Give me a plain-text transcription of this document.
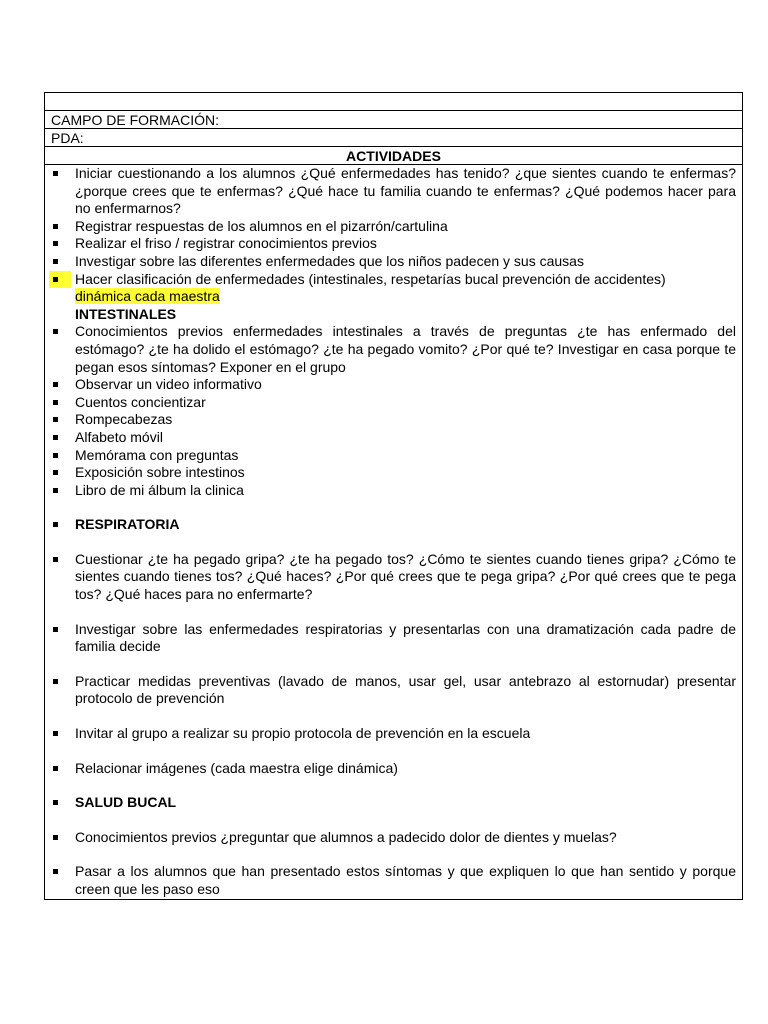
CAMPO DE FORMACIÓN:
PDA:
ACTIVIDADES
Iniciar cuestionando a los alumnos ¿Qué enfermedades has tenido? ¿que sientes cuando te enfermas? ¿porque crees que te enfermas? ¿Qué hace tu familia cuando te enfermas? ¿Qué podemos hacer para no enfermarnos?
Registrar respuestas de los alumnos en el pizarrón/cartulina
Realizar el friso / registrar conocimientos previos
Investigar sobre las diferentes enfermedades que los niños padecen y sus causas
Hacer clasificación de enfermedades (intestinales, respetarías bucal prevención de accidentes)
dinámica cada maestra
INTESTINALES
Conocimientos previos enfermedades intestinales a través de preguntas ¿te has enfermado del estómago? ¿te ha dolido el estómago? ¿te ha pegado vomito? ¿Por qué te? Investigar en casa porque te pegan esos síntomas? Exponer en el grupo
Observar un video informativo
Cuentos concientizar
Rompecabezas
Alfabeto móvil
Memórama con preguntas
Exposición sobre intestinos
Libro de mi álbum la clinica
RESPIRATORIA
Cuestionar ¿te ha pegado gripa? ¿te ha pegado tos? ¿Cómo te sientes cuando tienes gripa? ¿Cómo te sientes cuando tienes tos? ¿Qué haces? ¿Por qué crees que te pega gripa? ¿Por qué crees que te pega tos? ¿Qué haces para no enfermarte?
Investigar sobre las enfermedades respiratorias y presentarlas con una dramatización cada padre de familia decide
Practicar medidas preventivas (lavado de manos, usar gel, usar antebrazo al estornudar) presentar protocolo de prevención
Invitar al grupo a realizar su propio protocola de prevención en la escuela
Relacionar imágenes (cada maestra elige dinámica)
SALUD BUCAL
Conocimientos previos ¿preguntar que alumnos a padecido dolor de dientes y muelas?
Pasar a los alumnos que han presentado estos síntomas y que expliquen lo que han sentido y porque creen que les paso eso
